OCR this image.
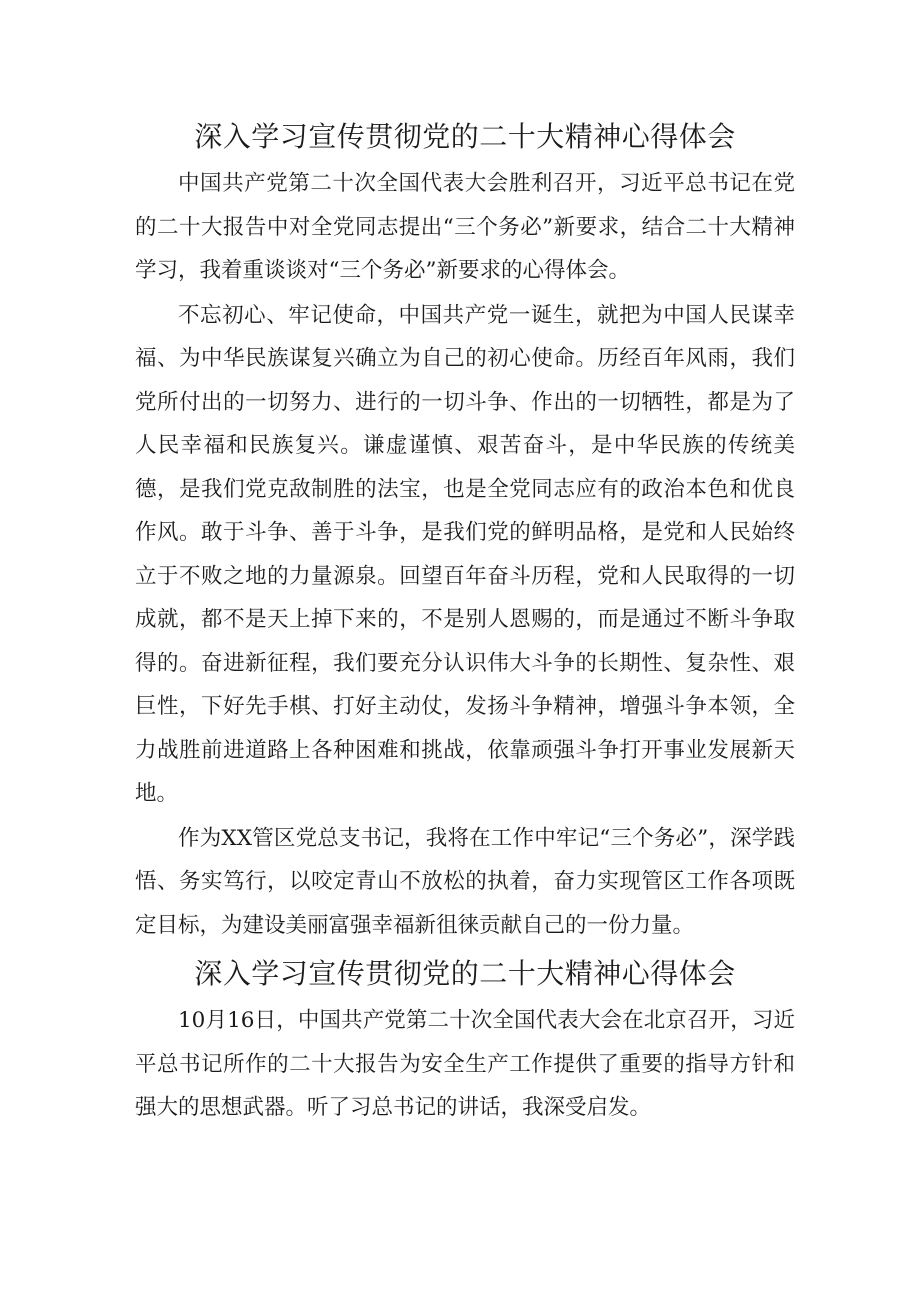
深入学习宣传贯彻党的二十大精神心得体会

中国共产党第二十次全国代表大会胜利召开，习近平总书记在党的二十大报告中对全党同志提出“三个务必”新要求，结合二十大精神学习，我着重谈谈对“三个务必”新要求的心得体会。

不忘初心、牢记使命，中国共产党一诞生，就把为中国人民谋幸福、为中华民族谋复兴确立为自己的初心使命。历经百年风雨，我们党所付出的一切努力、进行的一切斗争、作出的一切牺牲，都是为了人民幸福和民族复兴。谦虚谨慎、艰苦奋斗，是中华民族的传统美德，是我们党克敌制胜的法宝，也是全党同志应有的政治本色和优良作风。敢于斗争、善于斗争，是我们党的鲜明品格，是党和人民始终立于不败之地的力量源泉。回望百年奋斗历程，党和人民取得的一切成就，都不是天上掉下来的，不是别人恩赐的，而是通过不断斗争取得的。奋进新征程，我们要充分认识伟大斗争的长期性、复杂性、艰巨性，下好先手棋、打好主动仗，发扬斗争精神，增强斗争本领，全力战胜前进道路上各种困难和挑战，依靠顽强斗争打开事业发展新天地。

作为XX管区党总支书记，我将在工作中牢记“三个务必”，深学践悟、务实笃行，以咬定青山不放松的执着，奋力实现管区工作各项既定目标，为建设美丽富强幸福新徂徕贡献自己的一份力量。

深入学习宣传贯彻党的二十大精神心得体会

10月16日，中国共产党第二十次全国代表大会在北京召开，习近平总书记所作的二十大报告为安全生产工作提供了重要的指导方针和强大的思想武器。听了习总书记的讲话，我深受启发。
